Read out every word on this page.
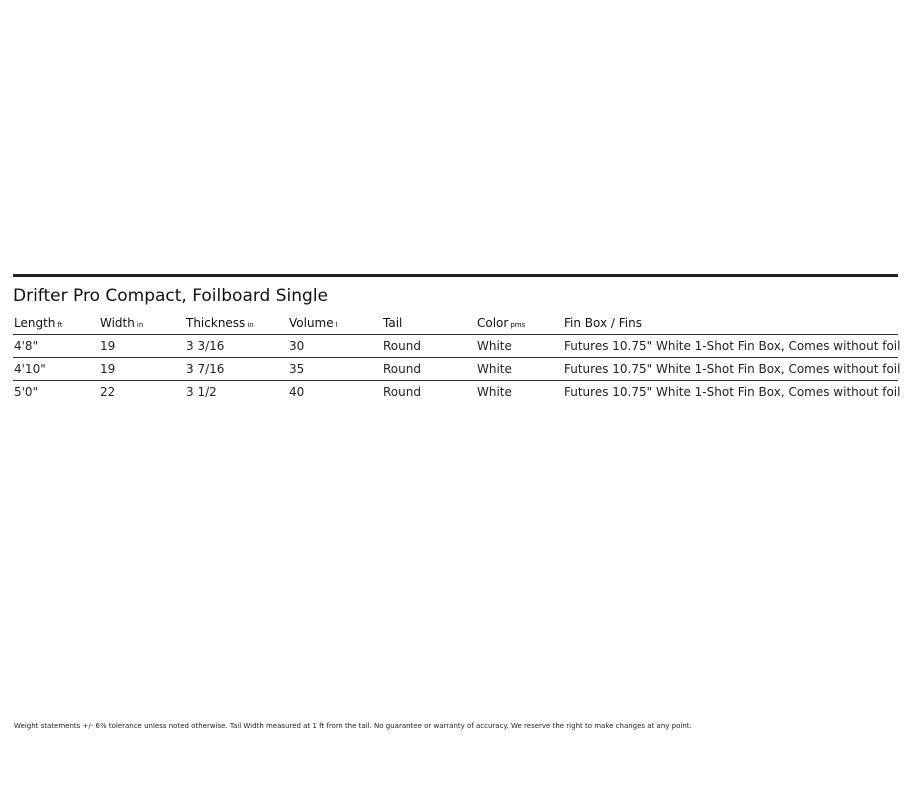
Drifter Pro Compact, Foilboard Single
Length ft	Width in	Thickness in	Volume l	Tail	Color pms	Fin Box / Fins
4'8"	19	3 3/16	30	Round	White	Futures 10.75" White 1-Shot Fin Box, Comes without foil
4'10"	19	3 7/16	35	Round	White	Futures 10.75" White 1-Shot Fin Box, Comes without foil
5'0"	22	3 1/2	40	Round	White	Futures 10.75" White 1-Shot Fin Box, Comes without foil
Weight statements +/- 6% tolerance unless noted otherwise. Tail Width measured at 1 ft from the tail. No guarantee or warranty of accuracy. We reserve the right to make changes at any point.
